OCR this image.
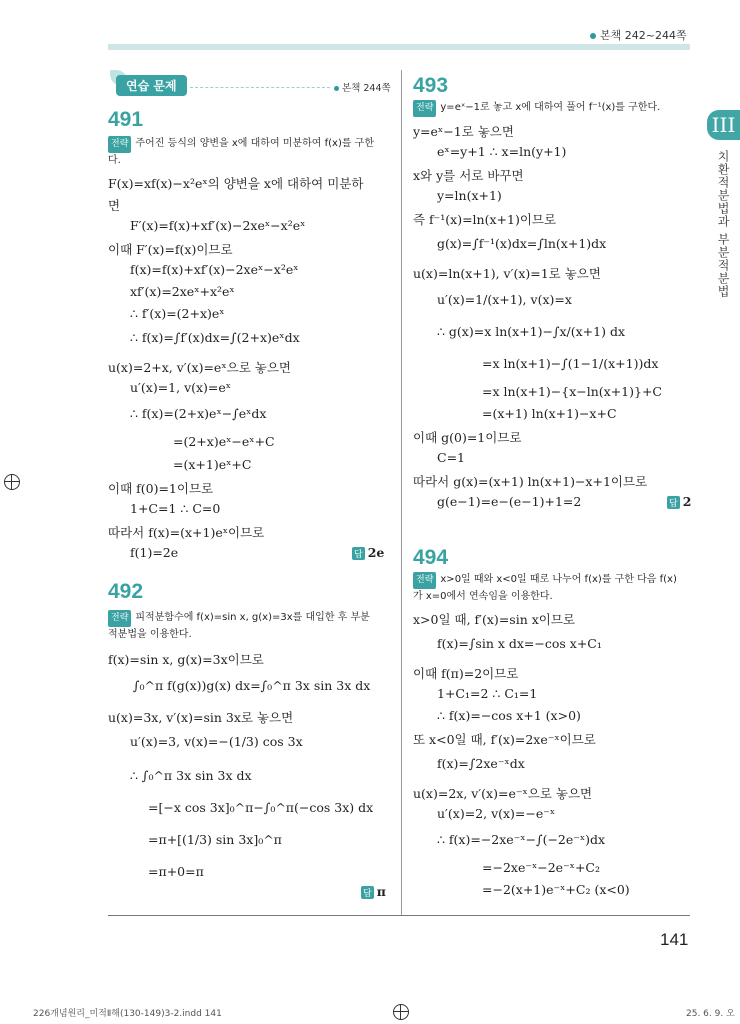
본책 242~244쪽
연습 문제	본책 244쪽
III
치환적분법과 부분적분법
491
전략 주어진 등식의 양변을 x에 대하여 미분하여 f(x)를 구한
다.
F(x)=xf(x)−x²eˣ의 양변을 x에 대하여 미분하
면
F′(x)=f(x)+xf′(x)−2xeˣ−x²eˣ
이때 F′(x)=f(x)이므로
f(x)=f(x)+xf′(x)−2xeˣ−x²eˣ
xf′(x)=2xeˣ+x²eˣ
∴ f′(x)=(2+x)eˣ
∴ f(x)=∫f′(x)dx=∫(2+x)eˣdx
u(x)=2+x, v′(x)=eˣ으로 놓으면
u′(x)=1, v(x)=eˣ
∴ f(x)=(2+x)eˣ−∫eˣdx
=(2+x)eˣ−eˣ+C
=(x+1)eˣ+C
이때 f(0)=1이므로
1+C=1 ∴ C=0
따라서 f(x)=(x+1)eˣ이므로
f(1)=2e	답 2e
492
전략 피적분함수에 f(x)=sin x, g(x)=3x를 대입한 후 부분
적분법을 이용한다.
f(x)=sin x, g(x)=3x이므로
∫₀^π f(g(x))g(x) dx=∫₀^π 3x sin 3x dx
u(x)=3x, v′(x)=sin 3x로 놓으면
u′(x)=3, v(x)=−(1/3) cos 3x
∴ ∫₀^π 3x sin 3x dx
=[−x cos 3x]₀^π−∫₀^π(−cos 3x) dx
=π+[(1/3) sin 3x]₀^π
=π+0=π
답 π
493
전략 y=eˣ−1로 놓고 x에 대하여 풀어 f⁻¹(x)를 구한다.
y=eˣ−1로 놓으면
eˣ=y+1 ∴ x=ln(y+1)
x와 y를 서로 바꾸면
y=ln(x+1)
즉 f⁻¹(x)=ln(x+1)이므로
g(x)=∫f⁻¹(x)dx=∫ln(x+1)dx
u(x)=ln(x+1), v′(x)=1로 놓으면
u′(x)=1/(x+1), v(x)=x
∴ g(x)=x ln(x+1)−∫x/(x+1) dx
=x ln(x+1)−∫(1−1/(x+1))dx
=x ln(x+1)−{x−ln(x+1)}+C
=(x+1) ln(x+1)−x+C
이때 g(0)=1이므로
C=1
따라서 g(x)=(x+1) ln(x+1)−x+1이므로
g(e−1)=e−(e−1)+1=2	답 2
494
전략 x>0일 때와 x<0일 때로 나누어 f(x)를 구한 다음 f(x)
가 x=0에서 연속임을 이용한다.
x>0일 때, f′(x)=sin x이므로
f(x)=∫sin x dx=−cos x+C₁
이때 f(π)=2이므로
1+C₁=2 ∴ C₁=1
∴ f(x)=−cos x+1 (x>0)
또 x<0일 때, f′(x)=2xe⁻ˣ이므로
f(x)=∫2xe⁻ˣdx
u(x)=2x, v′(x)=e⁻ˣ으로 놓으면
u′(x)=2, v(x)=−e⁻ˣ
∴ f(x)=−2xe⁻ˣ−∫(−2e⁻ˣ)dx
=−2xe⁻ˣ−2e⁻ˣ+C₂
=−2(x+1)e⁻ˣ+C₂ (x<0)
141
226개념원리_미적Ⅱ해(130-149)3-2.indd 141	25. 6. 9. 오
